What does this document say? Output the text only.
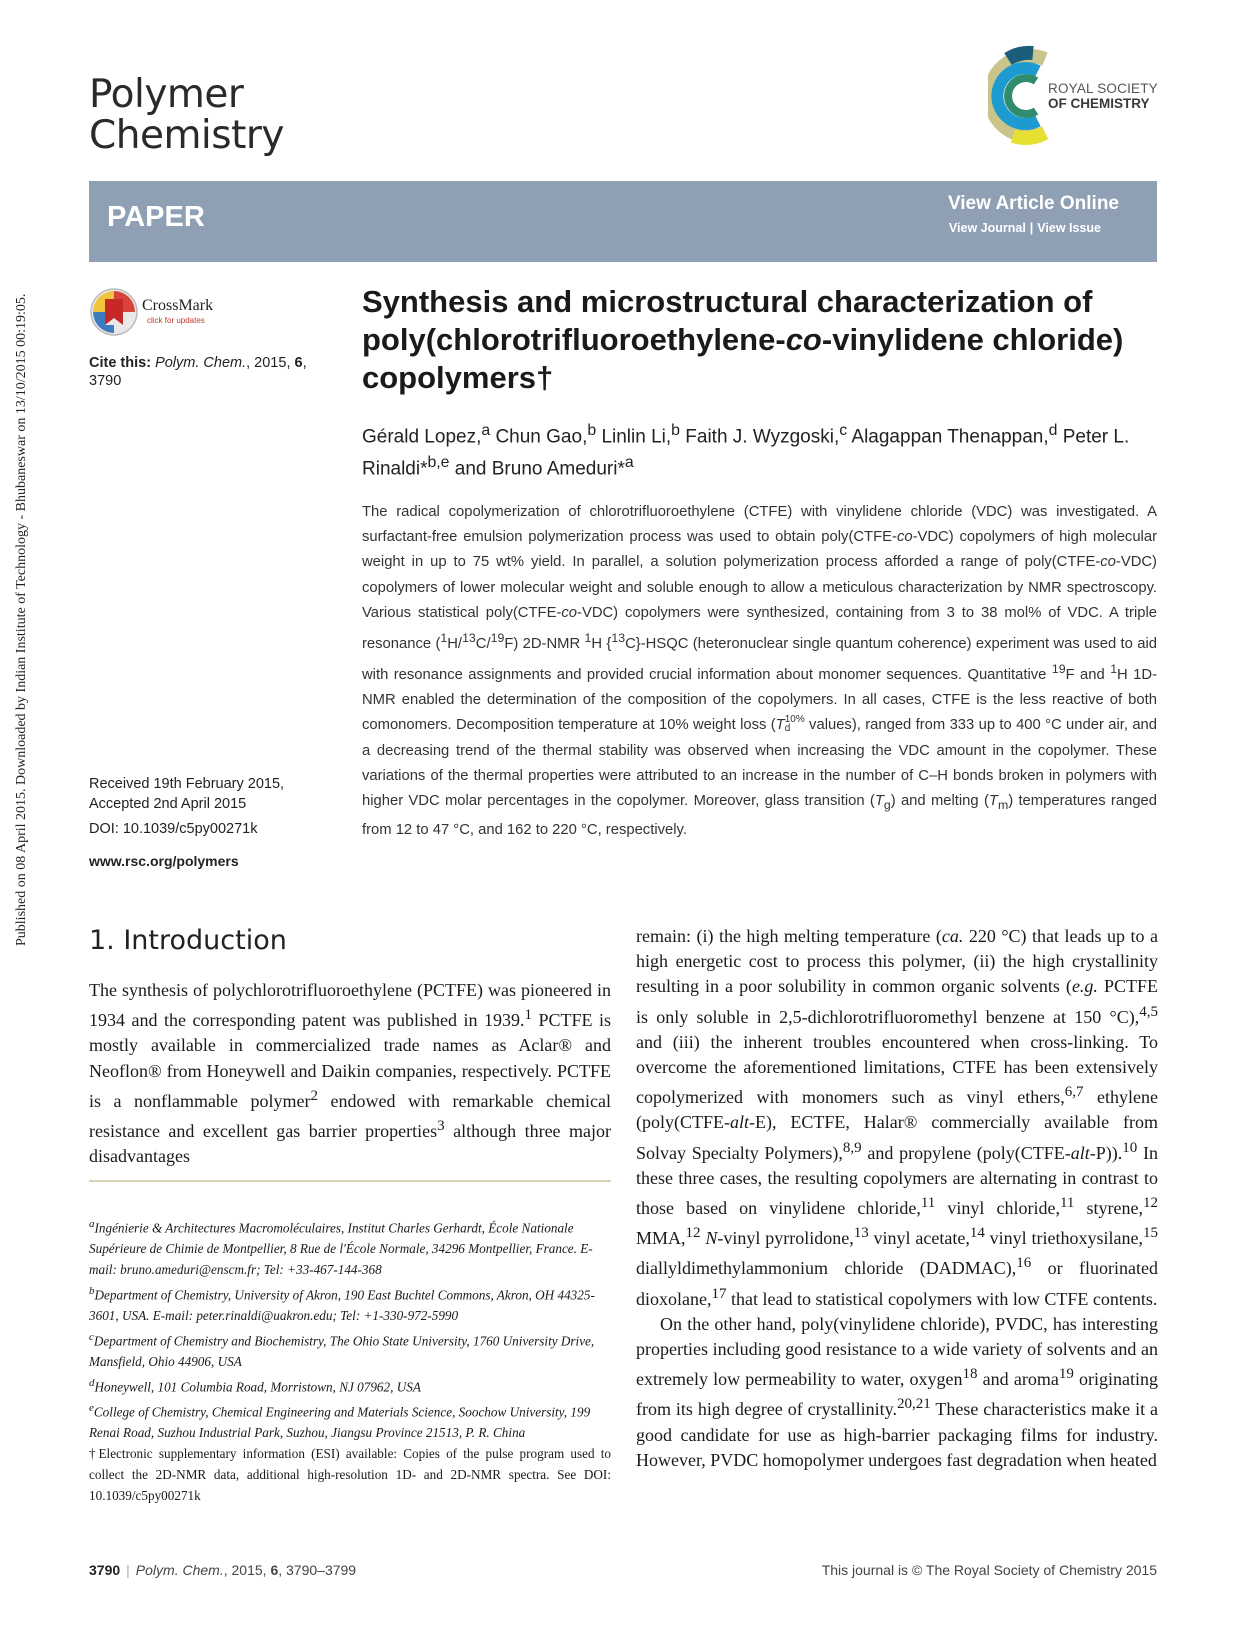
Published on 08 April 2015. Downloaded by Indian Institute of Technology - Bhubaneswar on 13/10/2015 00:19:05.
Polymer
Chemistry
ROYAL SOCIETY
OF CHEMISTRY
PAPER	View Article Online
View Journal | View Issue
CrossMark
click for updates
Cite this: Polym. Chem., 2015, 6, 3790
Received 19th February 2015,
Accepted 2nd April 2015
DOI: 10.1039/c5py00271k
www.rsc.org/polymers
Synthesis and microstructural characterization of poly(chlorotrifluoroethylene-co-vinylidene chloride) copolymers†
Gérald Lopez,$^a$ Chun Gao,$^b$ Linlin Li,$^b$ Faith J. Wyzgoski,$^c$ Alagappan Thenappan,$^d$ Peter L. Rinaldi*$^{b,e}$ and Bruno Ameduri*$^a$
The radical copolymerization of chlorotrifluoroethylene (CTFE) with vinylidene chloride (VDC) was investigated. A surfactant-free emulsion polymerization process was used to obtain poly(CTFE-co-VDC) copolymers of high molecular weight in up to 75 wt% yield. In parallel, a solution polymerization process afforded a range of poly(CTFE-co-VDC) copolymers of lower molecular weight and soluble enough to allow a meticulous characterization by NMR spectroscopy. Various statistical poly(CTFE-co-VDC) copolymers were synthesized, containing from 3 to 38 mol% of VDC. A triple resonance ($^1$H/$^{13}$C/$^{19}$F) 2D-NMR $^1$H {$^{13}$C}-HSQC (heteronuclear single quantum coherence) experiment was used to aid with resonance assignments and provided crucial information about monomer sequences. Quantitative $^{19}$F and $^1$H 1D-NMR enabled the determination of the composition of the copolymers. In all cases, CTFE is the less reactive of both comonomers. Decomposition temperature at 10% weight loss (T 10%
d values), ranged from 333 up to 400 °C under air, and a decreasing trend of the thermal stability was observed when increasing the VDC amount in the copolymer. These variations of the thermal properties were attributed to an increase in the number of C–H bonds broken in polymers with higher VDC molar percentages in the copolymer. Moreover, glass transition $(T_g)$ and melting $(T_m)$ temperatures ranged from 12 to 47 °C, and 162 to 220 °C, respectively.
1. Introduction

The synthesis of polychlorotrifluoroethylene (PCTFE) was pioneered in 1934 and the corresponding patent was published in 1939.$^1$ PCTFE is mostly available in commercialized trade names as Aclar® and Neoflon® from Honeywell and Daikin companies, respectively. PCTFE is a nonflammable polymer$^2$ endowed with remarkable chemical resistance and excellent gas barrier properties$^3$ although three major disadvantages

$^a$Ingénierie & Architectures Macromoléculaires, Institut Charles Gerhardt, École Nationale Supérieure de Chimie de Montpellier, 8 Rue de l'École Normale, 34296 Montpellier, France. E-mail: bruno.ameduri@enscm.fr; Tel: +33-467-144-368

$^b$Department of Chemistry, University of Akron, 190 East Buchtel Commons, Akron, OH 44325-3601, USA. E-mail: peter.rinaldi@uakron.edu; Tel: +1-330-972-5990

$^c$Department of Chemistry and Biochemistry, The Ohio State University, 1760 University Drive, Mansfield, Ohio 44906, USA

$^d$Honeywell, 101 Columbia Road, Morristown, NJ 07962, USA

$^e$College of Chemistry, Chemical Engineering and Materials Science, Soochow University, 199 Renai Road, Suzhou Industrial Park, Suzhou, Jiangsu Province 21513, P. R. China

†Electronic supplementary information (ESI) available: Copies of the pulse program used to collect the 2D-NMR data, additional high-resolution 1D- and 2D-NMR spectra. See DOI: 10.1039/c5py00271k

remain: (i) the high melting temperature (ca. 220 °C) that leads up to a high energetic cost to process this polymer, (ii) the high crystallinity resulting in a poor solubility in common organic solvents (e.g. PCTFE is only soluble in 2,5-dichlorotrifluoromethyl benzene at 150 °C),$^{4,5}$ and (iii) the inherent troubles encountered when cross-linking. To overcome the aforementioned limitations, CTFE has been extensively copolymerized with monomers such as vinyl ethers,$^{6,7}$ ethylene (poly(CTFE-alt-E), ECTFE, Halar® commercially available from Solvay Specialty Polymers),$^{8,9}$ and propylene (poly(CTFE-alt-P)).$^{10}$ In these three cases, the resulting copolymers are alternating in contrast to those based on vinylidene chloride,$^{11}$ vinyl chloride,$^{11}$ styrene,$^{12}$ MMA,$^{12}$ N-vinyl pyrrolidone,$^{13}$ vinyl acetate,$^{14}$ vinyl triethoxysilane,$^{15}$ diallyldimethylammonium chloride (DADMAC),$^{16}$ or fluorinated dioxolane,$^{17}$ that lead to statistical copolymers with low CTFE contents.

On the other hand, poly(vinylidene chloride), PVDC, has interesting properties including good resistance to a wide variety of solvents and an extremely low permeability to water, oxygen$^{18}$ and aroma$^{19}$ originating from its high degree of crystallinity.$^{20,21}$ These characteristics make it a good candidate for use as high-barrier packaging films for industry. However, PVDC homopolymer undergoes fast degradation when heated

3790 | Polym. Chem., 2015, 6, 3790–3799	This journal is © The Royal Society of Chemistry 2015
